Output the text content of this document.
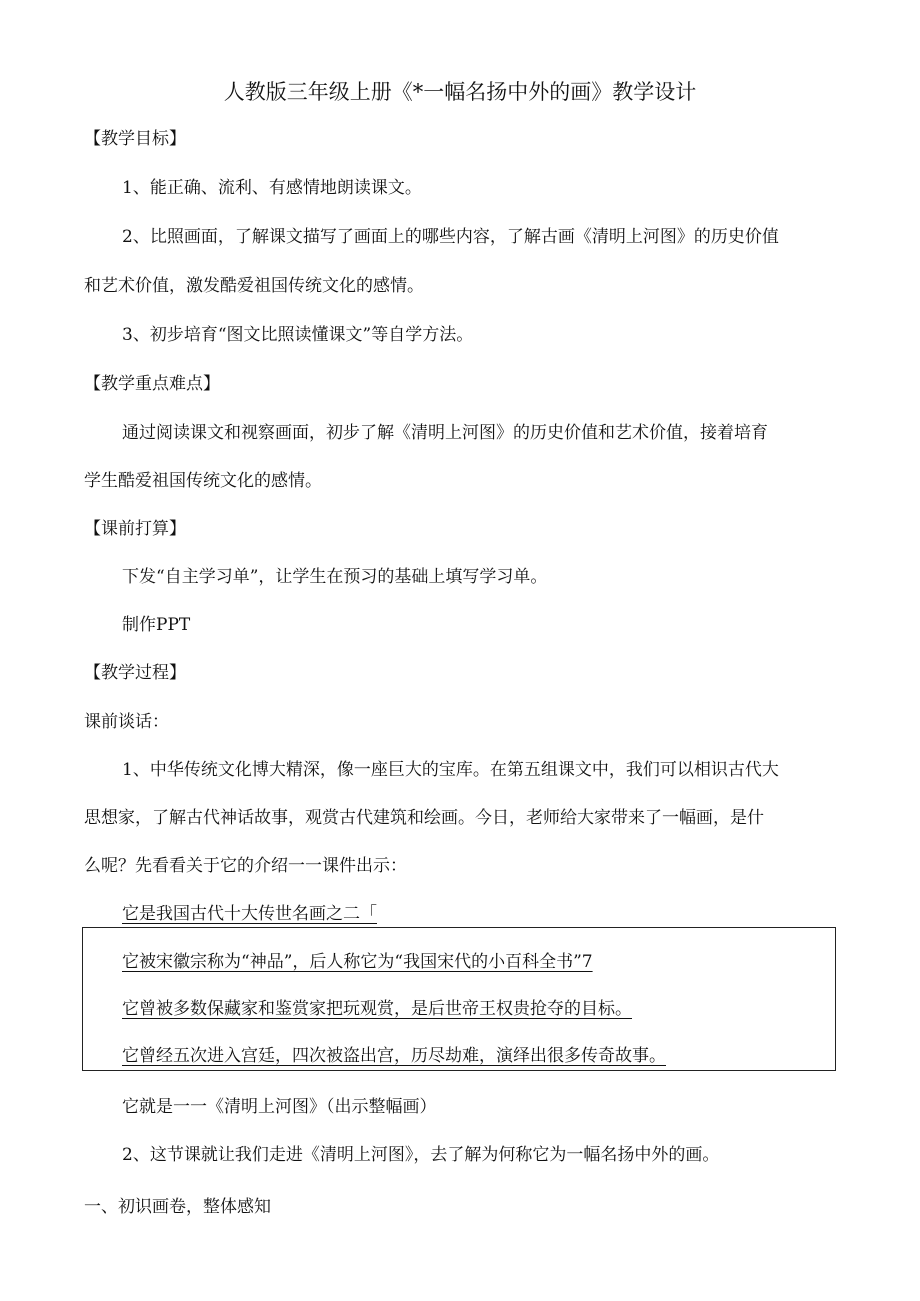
人教版三年级上册《*一幅名扬中外的画》教学设计
【教学目标】
1、能正确、流利、有感情地朗读课文。
2、比照画面，了解课文描写了画面上的哪些内容，了解古画《清明上河图》的历史价值
和艺术价值，激发酷爱祖国传统文化的感情。
3、初步培育“图文比照读懂课文”等自学方法。
【教学重点难点】
通过阅读课文和视察画面，初步了解《清明上河图》的历史价值和艺术价值，接着培育
学生酷爱祖国传统文化的感情。
【课前打算】
下发“自主学习单”，让学生在预习的基础上填写学习单。
制作PPT
【教学过程】
课前谈话：
1、中华传统文化博大精深，像一座巨大的宝库。在第五组课文中，我们可以相识古代大
思想家，了解古代神话故事，观赏古代建筑和绘画。今日，老师给大家带来了一幅画，是什
么呢？先看看关于它的介绍一一课件出示：
它是我国古代十大传世名画之二「
它被宋徽宗称为“神品”，后人称它为“我国宋代的小百科全书”7
它曾被多数保藏家和鉴赏家把玩观赏，是后世帝王权贵抢夺的目标。
它曾经五次进入宫廷，四次被盗出宫，历尽劫难，演绎出很多传奇故事。
它就是一一《清明上河图》（出示整幅画）
2、这节课就让我们走进《清明上河图》，去了解为何称它为一幅名扬中外的画。
一、初识画卷，整体感知
